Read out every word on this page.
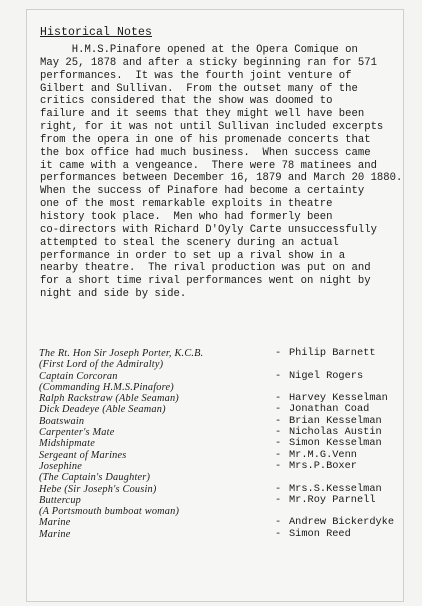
Historical Notes
H.M.S.Pinafore opened at the Opera Comique on
May 25, 1878 and after a sticky beginning ran for 571
performances.  It was the fourth joint venture of
Gilbert and Sullivan.  From the outset many of the
critics considered that the show was doomed to
failure and it seems that they might well have been
right, for it was not until Sullivan included excerpts
from the opera in one of his promenade concerts that
the box office had much business.  When success came
it came with a vengeance.  There were 78 matinees and
performances between December 16, 1879 and March 20 1880.
When the success of Pinafore had become a certainty
one of the most remarkable exploits in theatre
history took place.  Men who had formerly been
co-directors with Richard D'Oyly Carte unsuccessfully
attempted to steal the scenery during an actual
performance in order to set up a rival show in a
nearby theatre.  The rival production was put on and
for a short time rival performances went on night by
night and side by side.
The Rt. Hon Sir Joseph Porter, K.C.B.	- Philip Barnett
(First Lord of the Admiralty)
Captain Corcoran	- Nigel Rogers
(Commanding H.M.S.Pinafore)
Ralph Rackstraw (Able Seaman)	- Harvey Kesselman
Dick Deadeye (Able Seaman)	- Jonathan Coad
Boatswain	- Brian Kesselman
Carpenter's Mate	- Nicholas Austin
Midshipmate	- Simon Kesselman
Sergeant of Marines	- Mr.M.G.Venn
Josephine	- Mrs.P.Boxer
(The Captain's Daughter)
Hebe (Sir Joseph's Cousin)	- Mrs.S.Kesselman
Buttercup	- Mr.Roy Parnell
(A Portsmouth bumboat woman)
Marine	- Andrew Bickerdyke
Marine	- Simon Reed
